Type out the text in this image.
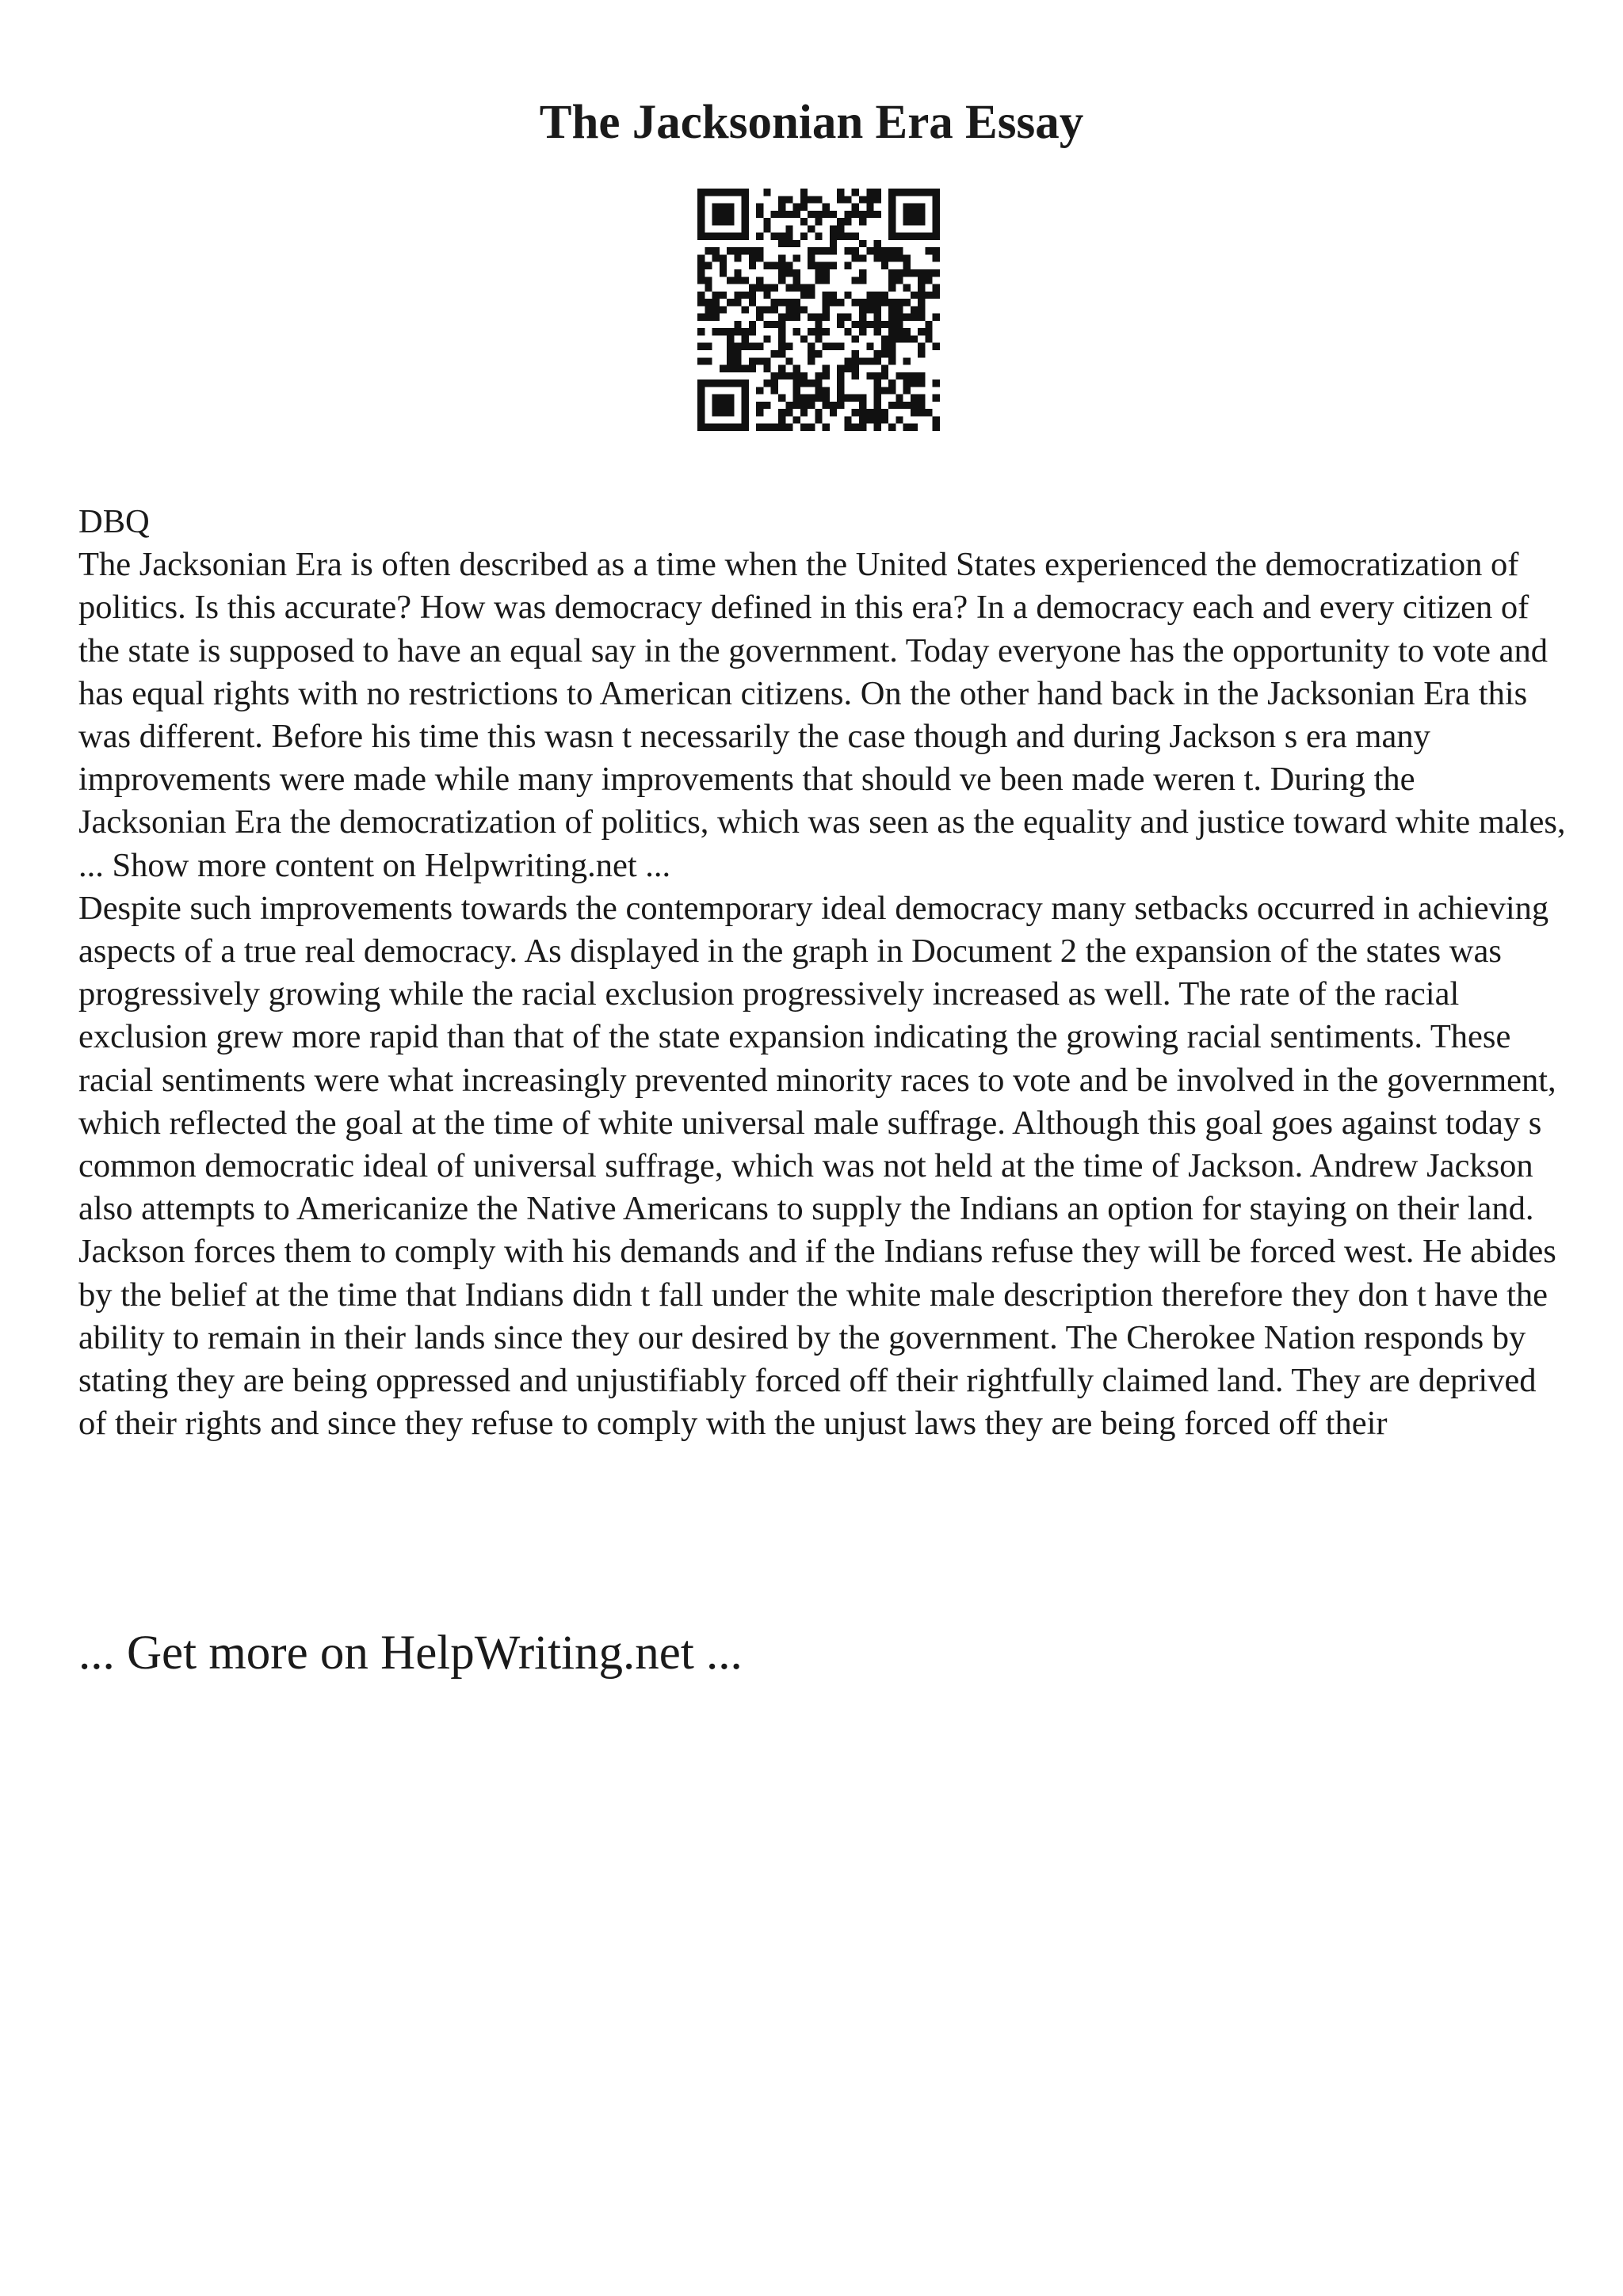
The Jacksonian Era Essay

DBQ

The Jacksonian Era is often described as a time when the United States experienced the democratization of politics. Is this accurate? How was democracy defined in this era? In a democracy each and every citizen of the state is supposed to have an equal say in the government. Today everyone has the opportunity to vote and has equal rights with no restrictions to American citizens. On the other hand back in the Jacksonian Era this was different. Before his time this wasn t necessarily the case though and during Jackson s era many improvements were made while many improvements that should ve been made weren t. During the Jacksonian Era the democratization of politics, which was seen as the equality and justice toward white males, ... Show more content on Helpwriting.net ...

Despite such improvements towards the contemporary ideal democracy many setbacks occurred in achieving aspects of a true real democracy. As displayed in the graph in Document 2 the expansion of the states was progressively growing while the racial exclusion progressively increased as well. The rate of the racial exclusion grew more rapid than that of the state expansion indicating the growing racial sentiments. These racial sentiments were what increasingly prevented minority races to vote and be involved in the government, which reflected the goal at the time of white universal male suffrage. Although this goal goes against today s common democratic ideal of universal suffrage, which was not held at the time of Jackson. Andrew Jackson also attempts to Americanize the Native Americans to supply the Indians an option for staying on their land. Jackson forces them to comply with his demands and if the Indians refuse they will be forced west. He abides by the belief at the time that Indians didn t fall under the white male description therefore they don t have the ability to remain in their lands since they our desired by the government. The Cherokee Nation responds by stating they are being oppressed and unjustifiably forced off their rightfully claimed land. They are deprived of their rights and since they refuse to comply with the unjust laws they are being forced off their

... Get more on HelpWriting.net ...
